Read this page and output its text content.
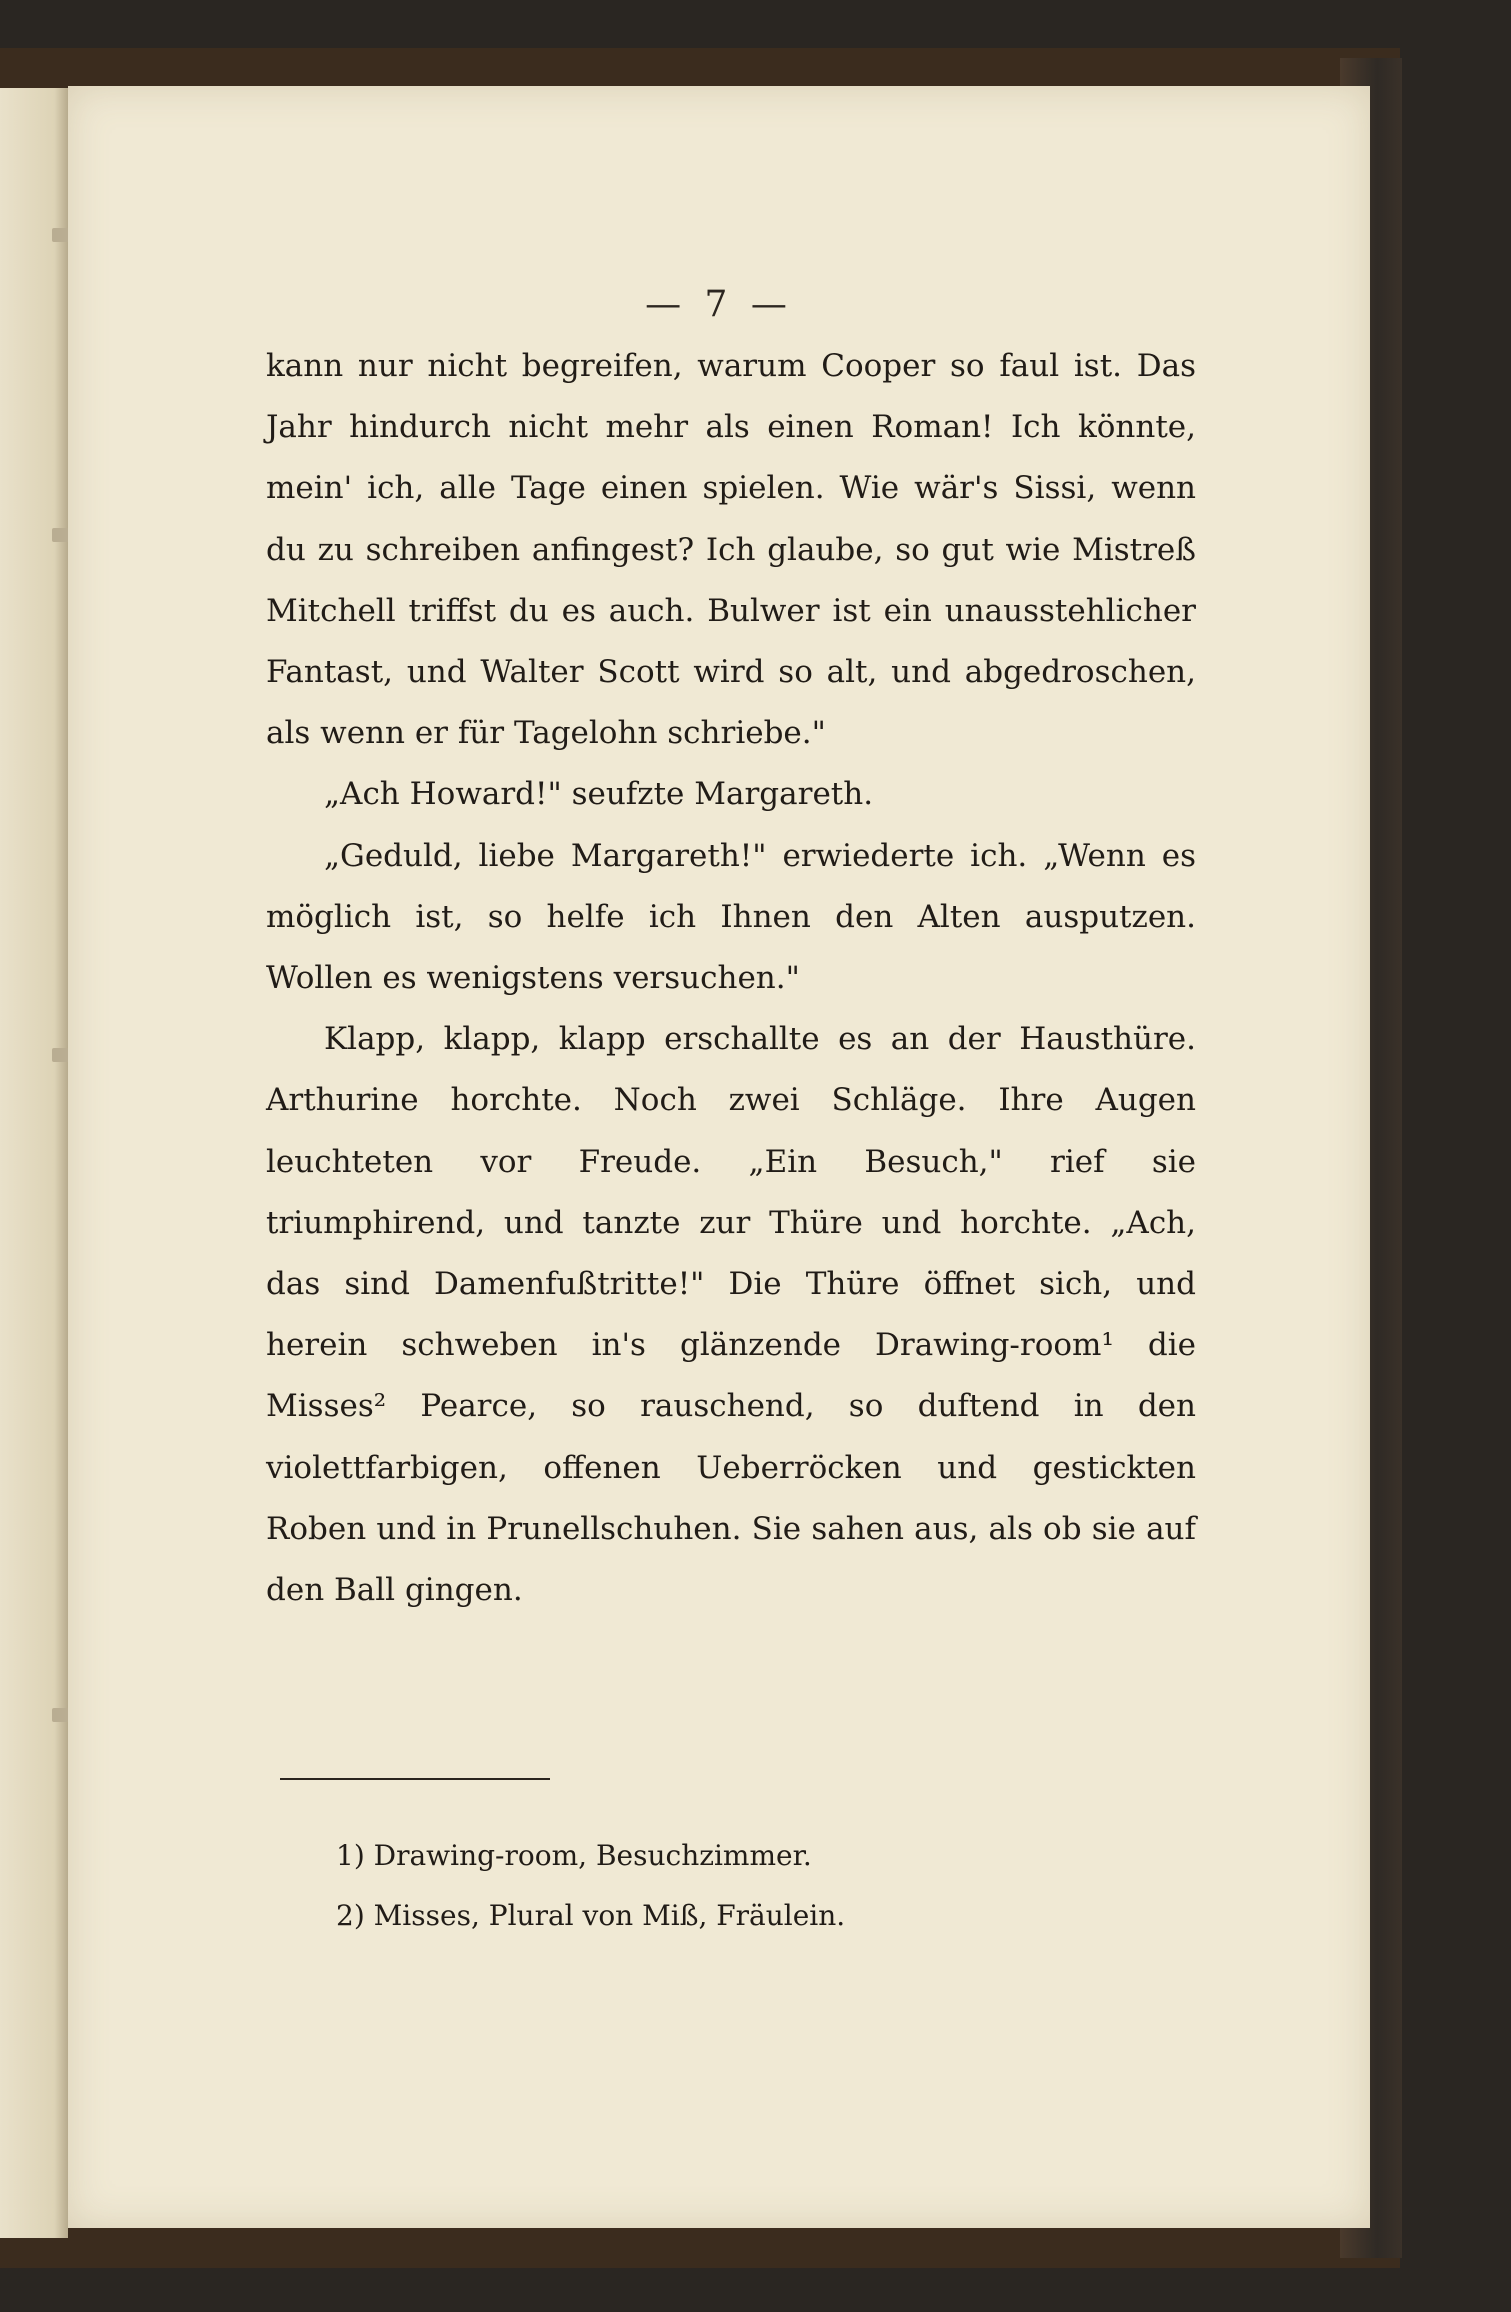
— 7 —

kann nur nicht begreifen, warum Cooper so faul ist. Das Jahr hindurch nicht mehr als einen Roman! Ich könnte, mein' ich, alle Tage einen spielen. Wie wär's Sissi, wenn du zu schreiben anfingest? Ich glaube, so gut wie Mistreß Mitchell triffst du es auch. Bulwer ist ein unausstehlicher Fantast, und Walter Scott wird so alt, und abgedroschen, als wenn er für Tagelohn schriebe."

„Ach Howard!" seufzte Margareth.

„Geduld, liebe Margareth!" erwiederte ich. „Wenn es möglich ist, so helfe ich Ihnen den Alten ausputzen. Wollen es wenigstens versuchen."

Klapp, klapp, klapp erschallte es an der Hausthüre. Arthurine horchte. Noch zwei Schläge. Ihre Augen leuchteten vor Freude. „Ein Besuch," rief sie triumphirend, und tanzte zur Thüre und horchte. „Ach, das sind Damenfußtritte!" Die Thüre öffnet sich, und herein schweben in's glänzende Drawing-room¹ die Misses² Pearce, so rauschend, so duftend in den violettfarbigen, offenen Ueberröcken und gestickten Roben und in Prunellschuhen. Sie sahen aus, als ob sie auf den Ball gingen.

1) Drawing-room, Besuchzimmer.
2) Misses, Plural von Miß, Fräulein.
